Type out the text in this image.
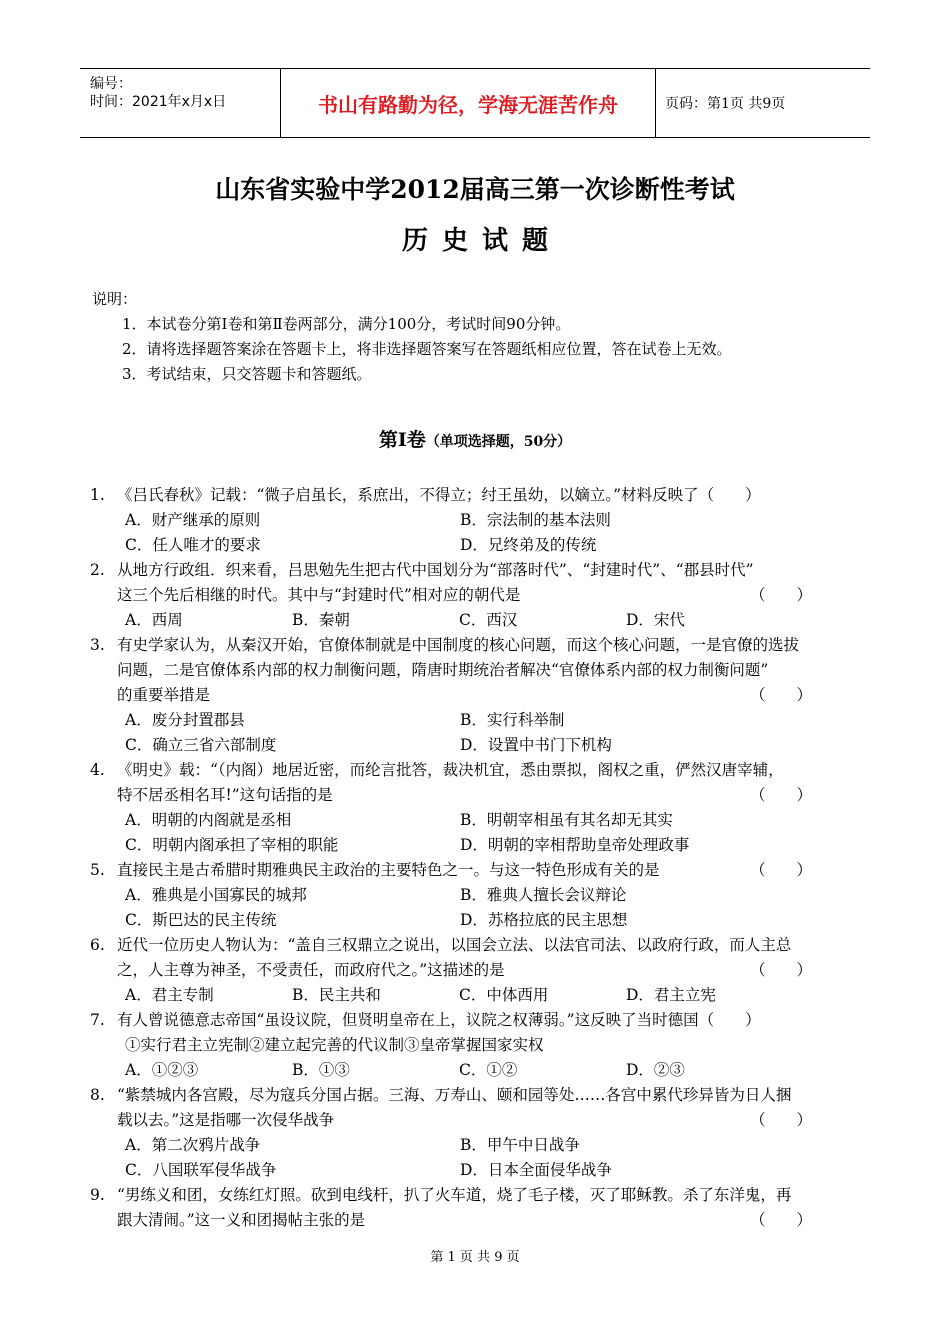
编号：
时间：2021年x月x日	书山有路勤为径，学海无涯苦作舟	页码：第1页 共9页
山东省实验中学2012届高三第一次诊断性考试
历史试题
说明：
1．本试卷分第Ⅰ卷和第Ⅱ卷两部分，满分100分，考试时间90分钟。
2．请将选择题答案涂在答题卡上，将非选择题答案写在答题纸相应位置，答在试卷上无效。
3．考试结束，只交答题卡和答题纸。
第Ⅰ卷（单项选择题，50分）
1. 《吕氏春秋》记载：“微子启虽长，系庶出，不得立；纣王虽幼，以嫡立。”材料反映了（　　）
A．财产继承的原则	B．宗法制的基本法则
C．任人唯才的要求	D．兄终弟及的传统
2. 从地方行政组．织来看，吕思勉先生把古代中国划分为“部落时代”、“封建时代”、“郡县时代”
这三个先后相继的时代。其中与“封建时代”相对应的朝代是	（　　）
A．西周	B．秦朝	C．西汉	D．宋代
3. 有史学家认为，从秦汉开始，官僚体制就是中国制度的核心问题，而这个核心问题，一是官僚的选拔
问题，二是官僚体系内部的权力制衡问题，隋唐时期统治者解决“官僚体系内部的权力制衡问题”
的重要举措是	（　　）
A．废分封置郡县	B．实行科举制
C．确立三省六部制度	D．设置中书门下机构
4. 《明史》载：“（内阁）地居近密，而纶言批答，裁决机宜，悉由票拟，阁权之重，俨然汉唐宰辅，
特不居丞相名耳!”这句话指的是	（　　）
A．明朝的内阁就是丞相	B．明朝宰相虽有其名却无其实
C．明朝内阁承担了宰相的职能	D．明朝的宰相帮助皇帝处理政事
5. 直接民主是古希腊时期雅典民主政治的主要特色之一。与这一特色形成有关的是	（　　）
A．雅典是小国寡民的城邦	B．雅典人擅长会议辩论
C．斯巴达的民主传统	D．苏格拉底的民主思想
6. 近代一位历史人物认为：“盖自三权鼎立之说出，以国会立法、以法官司法、以政府行政，而人主总
之，人主尊为神圣，不受责任，而政府代之。”这描述的是	（　　）
A．君主专制	B．民主共和	C．中体西用	D．君主立宪
7. 有人曾说德意志帝国“虽设议院，但贤明皇帝在上，议院之权薄弱。”这反映了当时德国（　　）
①实行君主立宪制②建立起完善的代议制③皇帝掌握国家实权
A．①②③	B．①③	C．①②	D．②③
8. “紫禁城内各宫殿，尽为寇兵分国占据。三海、万寿山、颐和园等处……各宫中累代珍异皆为日人捆
载以去。”这是指哪一次侵华战争	（　　）
A．第二次鸦片战争	B．甲午中日战争
C．八国联军侵华战争	D．日本全面侵华战争
9. “男练义和团，女练红灯照。砍到电线杆，扒了火车道，烧了毛子楼，灭了耶稣教。杀了东洋鬼，再
跟大清闹。”这一义和团揭帖主张的是	（　　）
第 1 页 共 9 页
